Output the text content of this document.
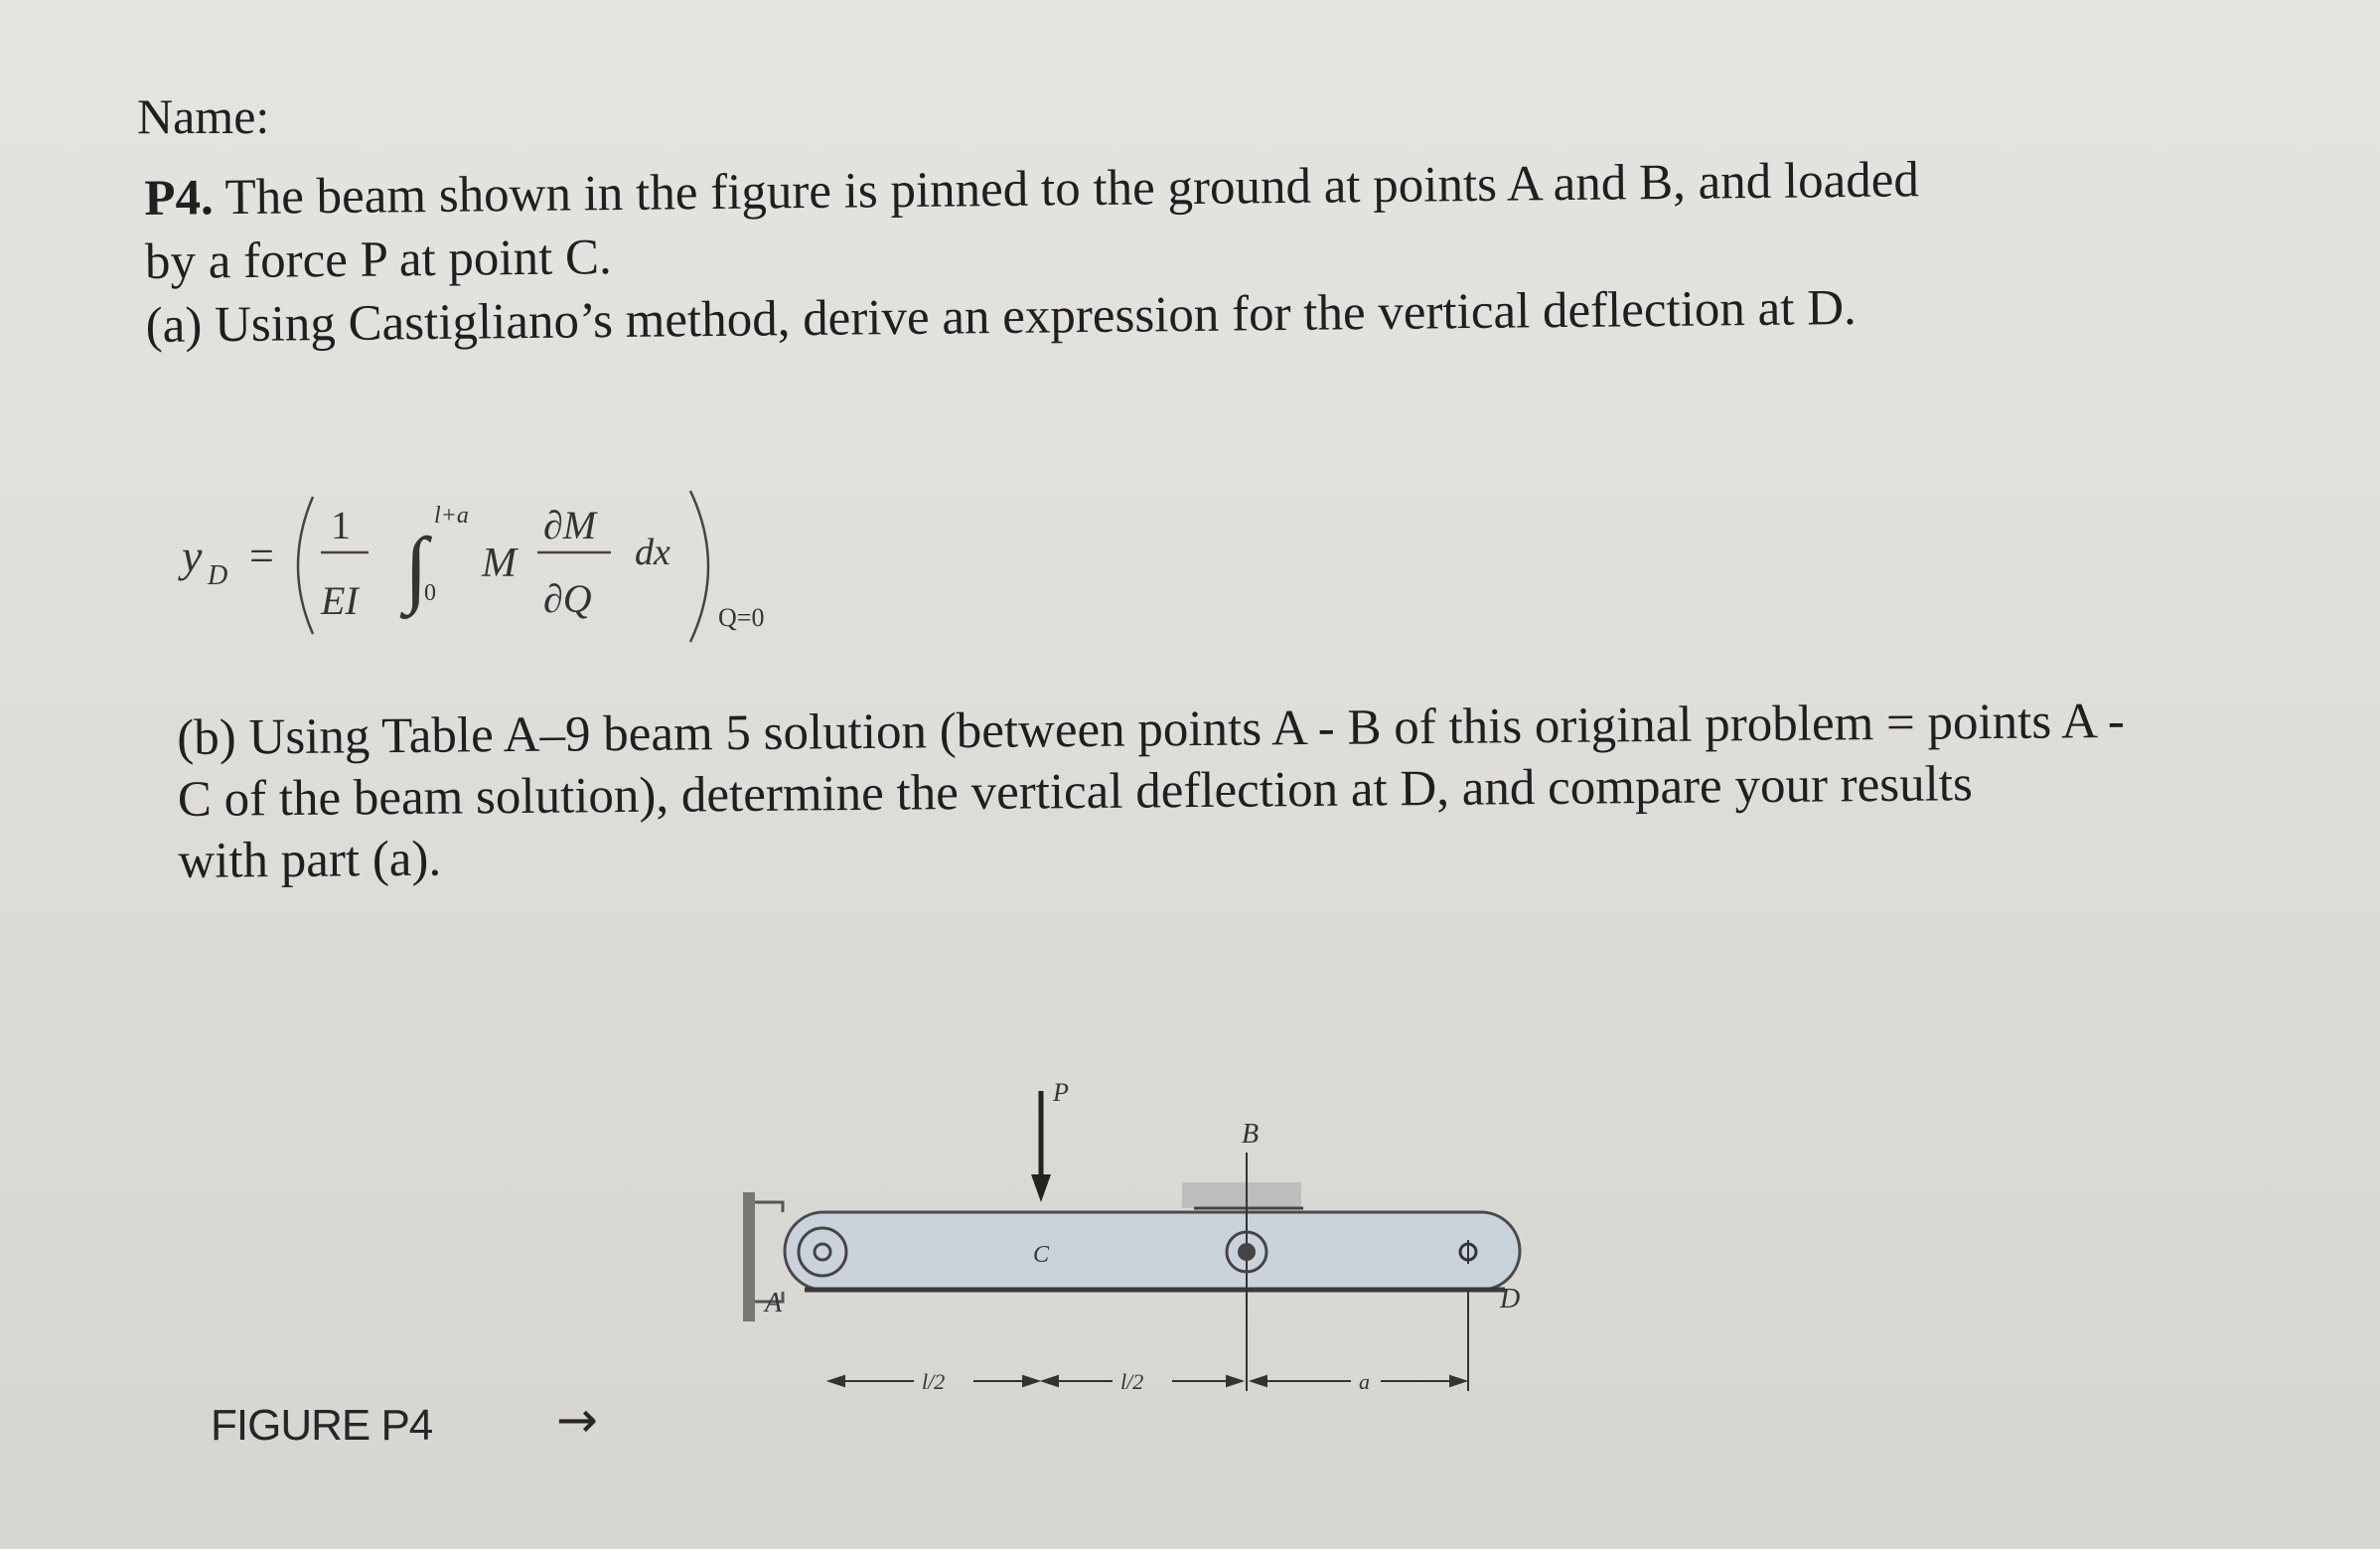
Name:

P4. The beam shown in the figure is pinned to the ground at points A and B, and loaded

by a force P at point C.

(a) Using Castigliano’s method, derive an expression for the vertical deflection at D.

y D =
1
EI ∫
0
l+a
M
∂M
∂Q
dx
Q=0

(b) Using Table A–9 beam 5 solution (between points A - B of this original problem = points A -

C of the beam solution), determine the vertical deflection at D, and compare your results

with part (a).

FIGURE P4 →
P
A
B
C
D
l/2	l/2	a
